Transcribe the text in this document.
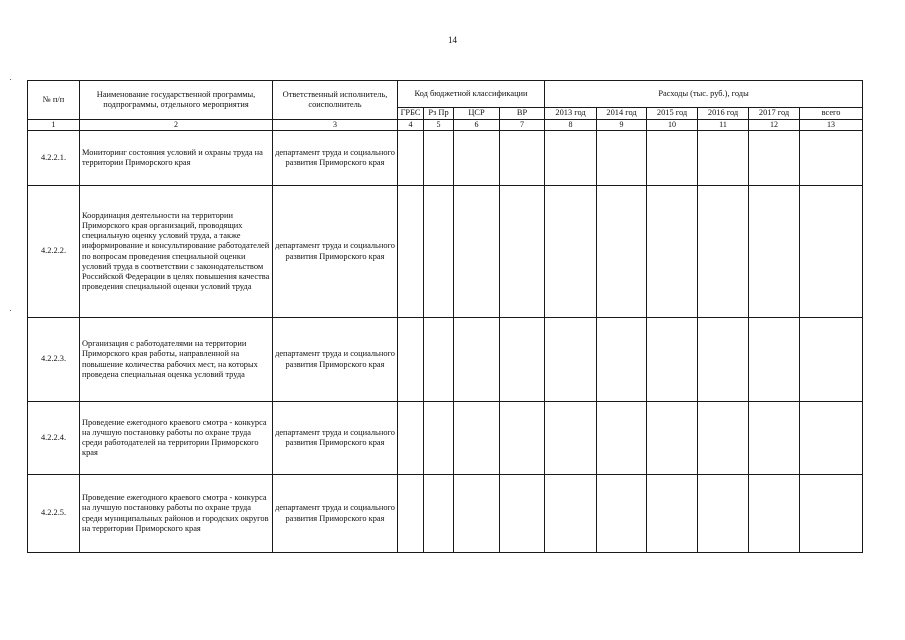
14
№ п/п	Наименование государственной программы, подпрограммы, отдельного мероприятия	Ответственный исполнитель, соисполнитель	Код бюджетной классификации				Расходы (тыс. руб.), годы					
			ГРБС	Рз Пр	ЦСР	ВР	2013 год	2014 год	2015 год	2016 год	2017 год	всего
1	2	3	4	5	6	7	8	9	10	11	12	13
4.2.2.1.	Мониторинг состояния условий и охраны труда на территории Приморского края	департамент труда и социального развития Приморского края										
4.2.2.2.	Координация деятельности на территории Приморского края организаций, проводящих специальную оценку условий труда, а также информирование и консультирование работодателей по вопросам проведения специальной оценки условий труда в соответствии с законодательством Российской Федерации в целях повышения качества проведения специальной оценки условий труда	департамент труда и социального развития Приморского края										
4.2.2.3.	Организация с работодателями на территории Приморского края работы, направленной на повышение количества рабочих мест, на которых проведена специальная оценка условий труда	департамент труда и социального развития Приморского края										
4.2.2.4.	Проведение ежегодного краевого смотра - конкурса на лучшую постановку работы по охране труда среди работодателей на территории Приморского края	департамент труда и социального развития Приморского края										
4.2.2.5.	Проведение ежегодного краевого смотра - конкурса на лучшую постановку работы по охране труда среди муниципальных районов и городских округов на территории Приморского края	департамент труда и социального развития Приморского края										
